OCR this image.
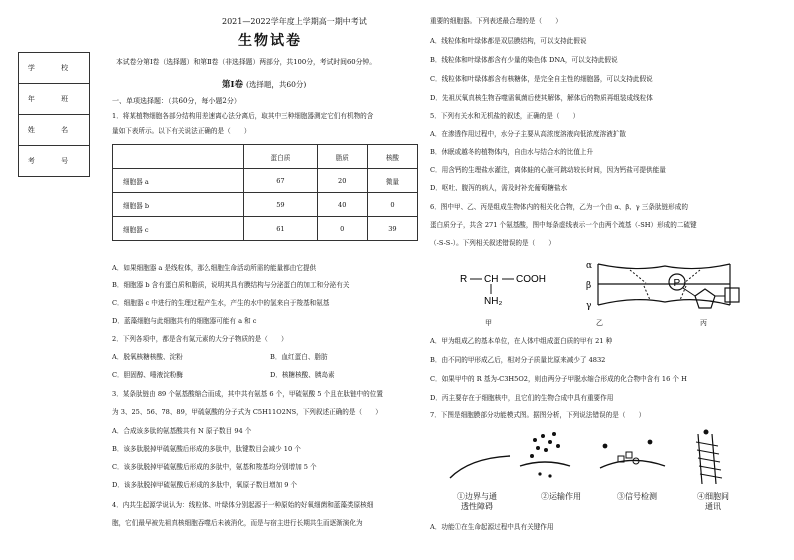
2021—2022学年度上学期高一期中考试
生物试卷
本试卷分第Ⅰ卷（选择题）和第Ⅱ卷（非选择题）两部分，共100分，考试时间60分钟。
第Ⅰ卷 (选择题，共60分)
一、单项选择题：（共60分，每小题2分）
学 校
年 班
姓 名
考 号
1．将某植物细胞各部分结构用差速离心法分离后，取其中三种细胞器测定它们有机物的含
量如下表所示。以下有关说法正确的是（　　）
	蛋白质	脂质	核酸
细胞器 a	67	20	微量
细胞器 b	59	40	0
细胞器 c	61	0	39
A．如果细胞器 a 是线粒体，那么细胞生命活动所需的能量都由它提供
B．细胞器 b 含有蛋白质和脂质，说明其具有膜结构与分泌蛋白的加工和分泌有关
C．细胞器 c 中进行的生理过程产生水，产生的水中的氢来自于羧基和氨基
D．蓝藻细胞与此细胞共有的细胞器可能有 a 和 c
2．下列各项中，都是含有氮元素的大分子物质的是（　　）
A．脱氧核糖核酸、淀粉	B．血红蛋白、脂肪
C．胆固醇、唾液淀粉酶	D．核糖核酸、胰岛素
3．某条肽链由 89 个氨基酸缩合而成，其中共有氨基 6 个，甲硫氨酸 5 个且在肽链中的位置
为 3、25、56、78、89，甲硫氨酸的分子式为 C5H11O2NS，下列叙述正确的是（　　）
A．合成该多肽的氨基酸共有 N 原子数目 94 个
B．该多肽脱掉甲硫氨酸后形成的多肽中，肽键数目会减少 10 个
C．该多肽脱掉甲硫氨酸后形成的多肽中，氨基和羧基均分别增加 5 个
D．该多肽脱掉甲硫氨酸后形成的多肽中，氧原子数目增加 9 个
4．内共生起源学说认为：线粒体、叶绿体分别起源于一种原始的好氧细菌和蓝藻类原核细
胞，它们最早被先祖真核细胞吞噬后未被消化，而是与宿主进行长期共生而逐渐演化为
重要的细胞器。下列表述最合理的是（　　）
A．线粒体和叶绿体都是双层膜结构，可以支持此假说
B．线粒体和叶绿体都含有少量的染色体 DNA，可以支持此假说
C．线粒体和叶绿体都含有核糖体，是完全自主性的细胞器，可以支持此假说
D．先祖厌氧真核生物吞噬需氧菌后使其解体，解体后的物质再组装成线粒体
5．下列有关水和无机盐的叙述，正确的是（　　）
A．在渗透作用过程中，水分子主要从高浓度溶液向低浓度溶液扩散
B．休眠或越冬的植物体内，自由水与结合水的比值上升
C．用含钙的生理盐水灌注，离体蛙的心脏可跳动较长时间，因为钙盐可提供能量
D．呕吐、腹泻的病人，需及时补充葡萄糖盐水
6．图中甲、乙、丙是组成生物体内的相关化合物，乙为一个由 α、β、γ 三条肽链形成的
蛋白质分子，共含 271 个氨基酸，图中每条虚线表示一个由两个巯基（-SH）形成的二硫键
（-S-S-）。下列相关叙述错误的是（　　）
R CH COOH
NH₂
α
β
γ
P
甲	乙	丙
A．甲为组成乙的基本单位，在人体中组成蛋白质的甲有 21 种
B．由不同的甲形成乙后，相对分子质量比原来减少了 4832
C．如果甲中的 R 基为-C3H5O2，则由两分子甲脱水缩合形成的化合物中含有 16 个 H
D．丙主要存在于细胞核中，且它们的生物合成中具有重要作用
7．下图是细胞膜部分功能模式图。据图分析，下列说法错误的是（　　）
①边界与通
透性障碍
②运输作用	③信号检测	④细胞间
通讯
A．功能①在生命起源过程中具有关键作用
